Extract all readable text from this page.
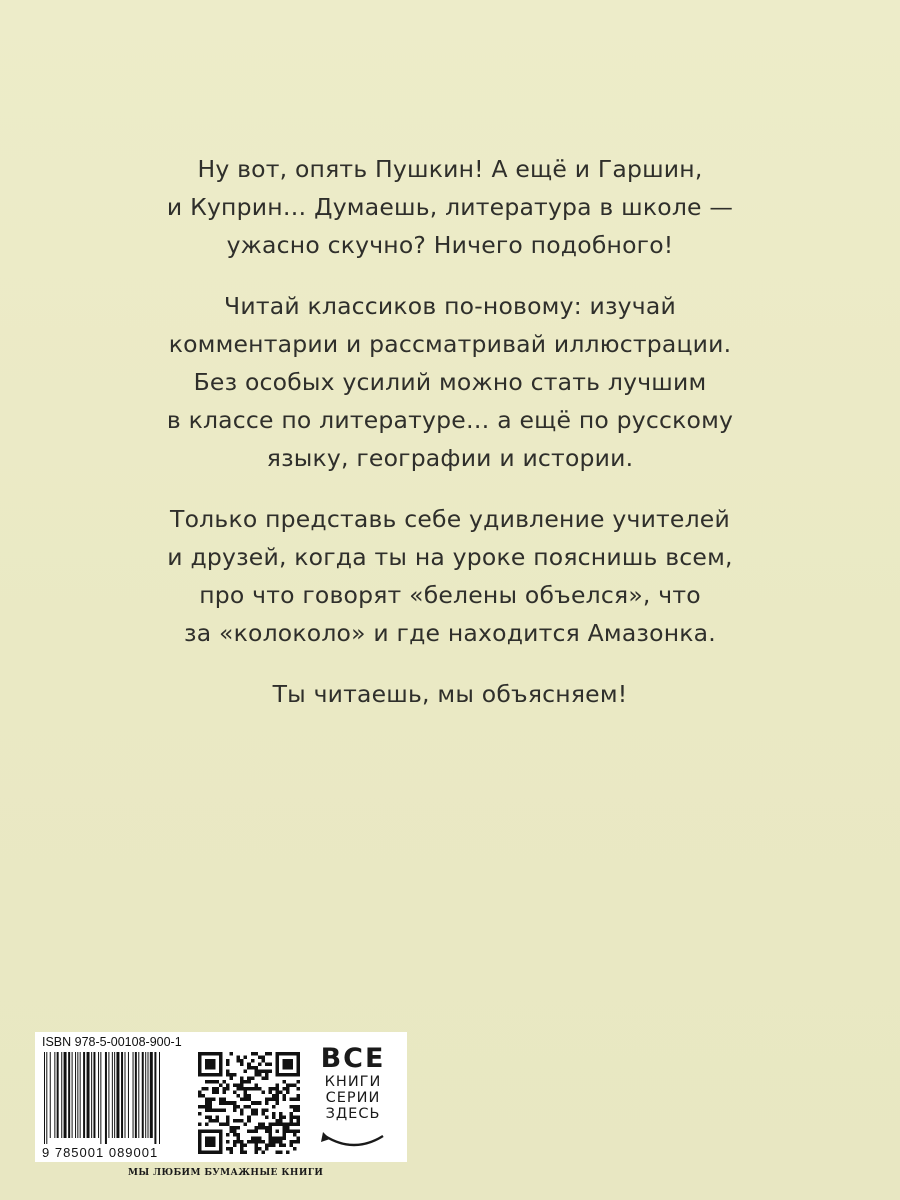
Ну вот, опять Пушкин! А ещё и Гаршин,
и Куприн… Думаешь, литература в школе —
ужасно скучно? Ничего подобного!

Читай классиков по-новому: изучай
комментарии и рассматривай иллюстрации.
Без особых усилий можно стать лучшим
в классе по литературе… а ещё по русскому
языку, географии и истории.

Только представь себе удивление учителей
и друзей, когда ты на уроке пояснишь всем,
про что говорят «белены объелся», что
за «колоколо» и где находится Амазонка.

Ты читаешь, мы объясняем!

ISBN 978-5-00108-900-1
9 785001 089001
ВСЕ
КНИГИ
СЕРИИ
ЗДЕСЬ
МЫ ЛЮБИМ БУМАЖНЫЕ КНИГИ
